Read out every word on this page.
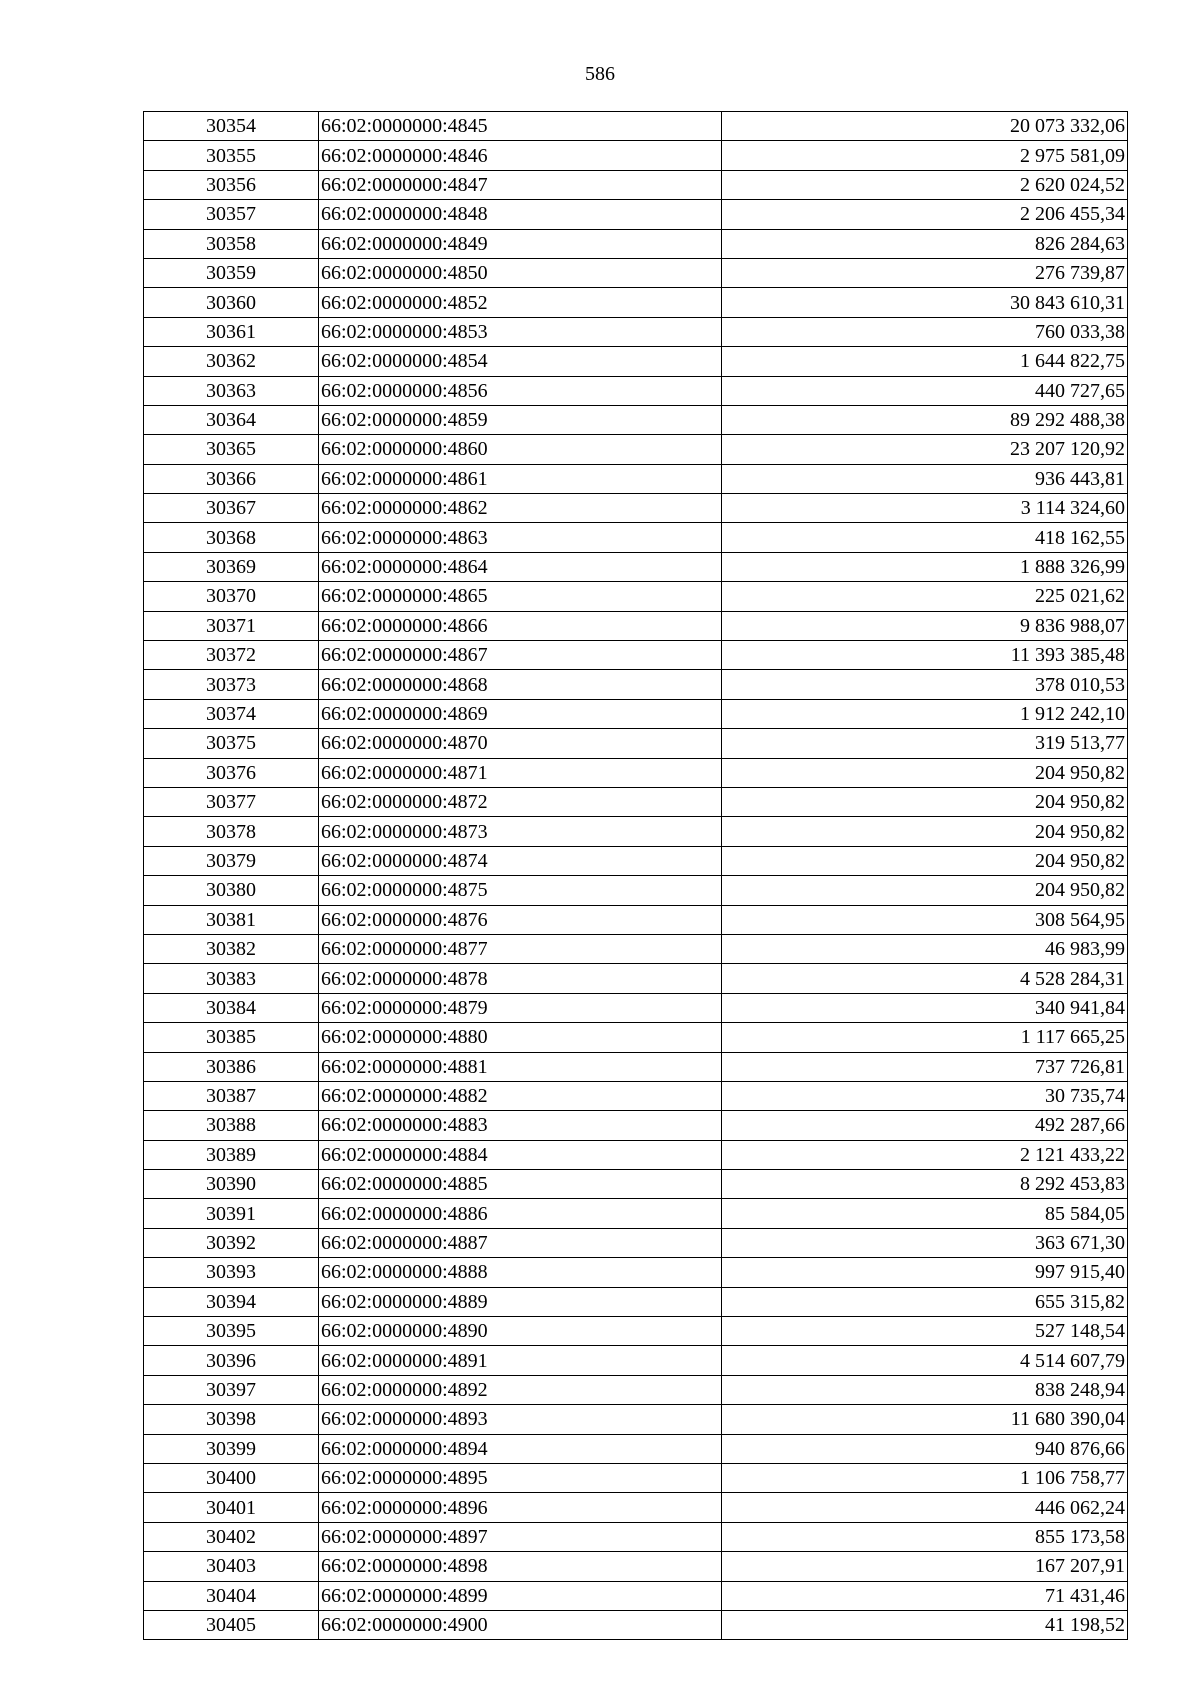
586
30354	66:02:0000000:4845	20 073 332,06
30355	66:02:0000000:4846	2 975 581,09
30356	66:02:0000000:4847	2 620 024,52
30357	66:02:0000000:4848	2 206 455,34
30358	66:02:0000000:4849	826 284,63
30359	66:02:0000000:4850	276 739,87
30360	66:02:0000000:4852	30 843 610,31
30361	66:02:0000000:4853	760 033,38
30362	66:02:0000000:4854	1 644 822,75
30363	66:02:0000000:4856	440 727,65
30364	66:02:0000000:4859	89 292 488,38
30365	66:02:0000000:4860	23 207 120,92
30366	66:02:0000000:4861	936 443,81
30367	66:02:0000000:4862	3 114 324,60
30368	66:02:0000000:4863	418 162,55
30369	66:02:0000000:4864	1 888 326,99
30370	66:02:0000000:4865	225 021,62
30371	66:02:0000000:4866	9 836 988,07
30372	66:02:0000000:4867	11 393 385,48
30373	66:02:0000000:4868	378 010,53
30374	66:02:0000000:4869	1 912 242,10
30375	66:02:0000000:4870	319 513,77
30376	66:02:0000000:4871	204 950,82
30377	66:02:0000000:4872	204 950,82
30378	66:02:0000000:4873	204 950,82
30379	66:02:0000000:4874	204 950,82
30380	66:02:0000000:4875	204 950,82
30381	66:02:0000000:4876	308 564,95
30382	66:02:0000000:4877	46 983,99
30383	66:02:0000000:4878	4 528 284,31
30384	66:02:0000000:4879	340 941,84
30385	66:02:0000000:4880	1 117 665,25
30386	66:02:0000000:4881	737 726,81
30387	66:02:0000000:4882	30 735,74
30388	66:02:0000000:4883	492 287,66
30389	66:02:0000000:4884	2 121 433,22
30390	66:02:0000000:4885	8 292 453,83
30391	66:02:0000000:4886	85 584,05
30392	66:02:0000000:4887	363 671,30
30393	66:02:0000000:4888	997 915,40
30394	66:02:0000000:4889	655 315,82
30395	66:02:0000000:4890	527 148,54
30396	66:02:0000000:4891	4 514 607,79
30397	66:02:0000000:4892	838 248,94
30398	66:02:0000000:4893	11 680 390,04
30399	66:02:0000000:4894	940 876,66
30400	66:02:0000000:4895	1 106 758,77
30401	66:02:0000000:4896	446 062,24
30402	66:02:0000000:4897	855 173,58
30403	66:02:0000000:4898	167 207,91
30404	66:02:0000000:4899	71 431,46
30405	66:02:0000000:4900	41 198,52
